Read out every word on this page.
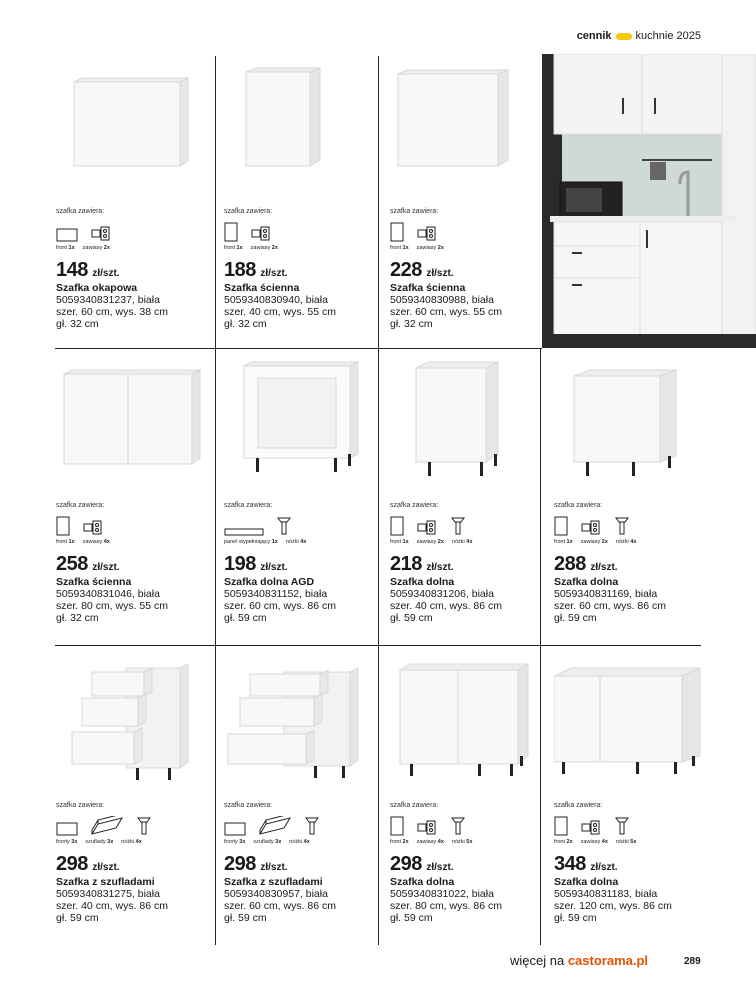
cennik kuchnie 2025
szafka zawiera:
front 1x zawiasy 2x
148 zł/szt.
Szafka okapowa
5059340831237, biała
szer. 60 cm, wys. 38 cm
gł. 32 cm
szafka zawiera:
front 1x zawiasy 2x
188 zł/szt.
Szafka ścienna
5059340830940, biała
szer. 40 cm, wys. 55 cm
gł. 32 cm
szafka zawiera:
front 1x zawiasy 2x
228 zł/szt.
Szafka ścienna
5059340830988, biała
szer. 60 cm, wys. 55 cm
gł. 32 cm
szafka zawiera:
front 1x zawiasy 4x
258 zł/szt.
Szafka ścienna
5059340831046, biała
szer. 80 cm, wys. 55 cm
gł. 32 cm
szafka zawiera:
panel wypełniający 1x nóżki 4x
198 zł/szt.
Szafka dolna AGD
5059340831152, biała
szer. 60 cm, wys. 86 cm
gł. 59 cm
szafka zawiera:
front 1x zawiasy 2x nóżki 4x
218 zł/szt.
Szafka dolna
5059340831206, biała
szer. 40 cm, wys. 86 cm
gł. 59 cm
szafka zawiera:
front 1x zawiasy 2x nóżki 4x
288 zł/szt.
Szafka dolna
5059340831169, biała
szer. 60 cm, wys. 86 cm
gł. 59 cm
szafka zawiera:
fronty 3x szuflady 3x nóżki 4x
298 zł/szt.
Szafka z szufladami
5059340831275, biała
szer. 40 cm, wys. 86 cm
gł. 59 cm
szafka zawiera:
fronty 3x szuflady 3x nóżki 4x
298 zł/szt.
Szafka z szufladami
5059340830957, biała
szer. 60 cm, wys. 86 cm
gł. 59 cm
szafka zawiera:
front 2x zawiasy 4x nóżki 5x
298 zł/szt.
Szafka dolna
5059340831022, biała
szer. 80 cm, wys. 86 cm
gł. 59 cm
szafka zawiera:
front 2x zawiasy 4x nóżki 5x
348 zł/szt.
Szafka dolna
5059340831183, biała
szer. 120 cm, wys. 86 cm
gł. 59 cm
więcej na castorama.pl	289
